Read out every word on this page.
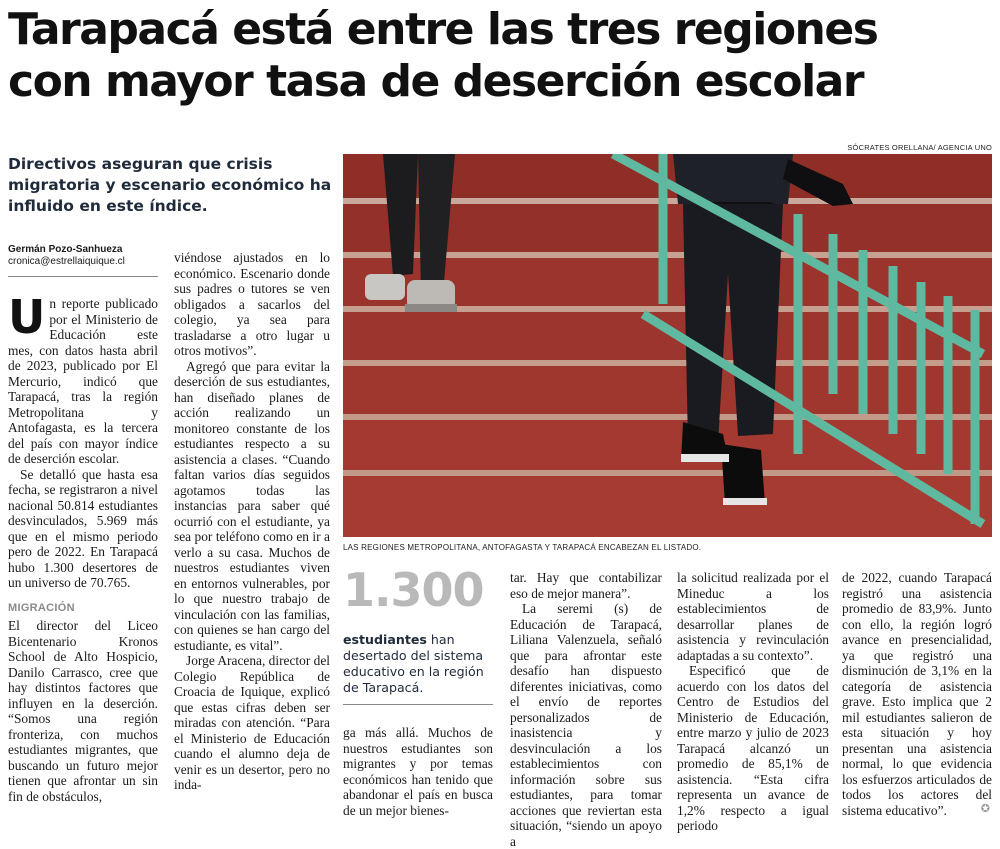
Tarapacá está entre las tres regiones
con mayor tasa de deserción escolar
SÓCRATES ORELLANA/ AGENCIA UNO
Directivos aseguran que crisis migratoria y escenario económico ha influido en este índice.
Germán Pozo-Sanhueza
cronica@estrellaiquique.cl

Un reporte publicado por el Ministerio de Educación este mes, con datos hasta abril de 2023, publicado por El Mercurio, indicó que Tarapacá, tras la región Metropolitana y Antofagasta, es la tercera del país con mayor índice de deserción escolar.

Se detalló que hasta esa fecha, se registraron a nivel nacional 50.814 estudiantes desvinculados, 5.969 más que en el mismo periodo pero de 2022. En Tarapacá hubo 1.300 desertores de un universo de 70.765.

MIGRACIÓN

El director del Liceo Bicentenario Kronos School de Alto Hospicio, Danilo Carrasco, cree que hay distintos factores que influyen en la deserción. “Somos una región fronteriza, con muchos estudiantes migrantes, que buscando un futuro mejor tienen que afrontar un sin fin de obstáculos,

viéndose ajustados en lo económico. Escenario donde sus padres o tutores se ven obligados a sacarlos del colegio, ya sea para trasladarse a otro lugar u otros motivos”.

Agregó que para evitar la deserción de sus estudiantes, han diseñado planes de acción realizando un monitoreo constante de los estudiantes respecto a su asistencia a clases. “Cuando faltan varios días seguidos agotamos todas las instancias para saber qué ocurrió con el estudiante, ya sea por teléfono como en ir a verlo a su casa. Muchos de nuestros estudiantes viven en entornos vulnerables, por lo que nuestro trabajo de vinculación con las familias, con quienes se han cargo del estudiante, es vital”.

Jorge Aracena, director del Colegio República de Croacia de Iquique, explicó que estas cifras deben ser miradas con atención. “Para el Ministerio de Educación cuando el alumno deja de venir es un desertor, pero no inda-

LAS REGIONES METROPOLITANA, ANTOFAGASTA Y TARAPACÁ ENCABEZAN EL LISTADO.
1.300
estudiantes han desertado del sistema educativo en la región de Tarapacá.

ga más allá. Muchos de nuestros estudiantes son migrantes y por temas económicos han tenido que abandonar el país en busca de un mejor bienes-

tar. Hay que contabilizar eso de mejor manera”.

La seremi (s) de Educación de Tarapacá, Liliana Valenzuela, señaló que para afrontar este desafío han dispuesto diferentes iniciativas, como el envío de reportes personalizados de inasistencia y desvinculación a los establecimientos con información sobre sus estudiantes, para tomar acciones que reviertan esta situación, “siendo un apoyo a

la solicitud realizada por el Mineduc a los establecimientos de desarrollar planes de asistencia y revinculación adaptadas a su contexto”.

Especificó que de acuerdo con los datos del Centro de Estudios del Ministerio de Educación, entre marzo y julio de 2023 Tarapacá alcanzó un promedio de 85,1% de asistencia. “Esta cifra representa un avance de 1,2% respecto a igual periodo

de 2022, cuando Tarapacá registró una asistencia promedio de 83,9%. Junto con ello, la región logró avance en presencialidad, ya que registró una disminución de 3,1% en la categoría de asistencia grave. Esto implica que 2 mil estudiantes salieron de esta situación y hoy presentan una asistencia normal, lo que evidencia los esfuerzos articulados de todos los actores del sistema educativo”.	✪
